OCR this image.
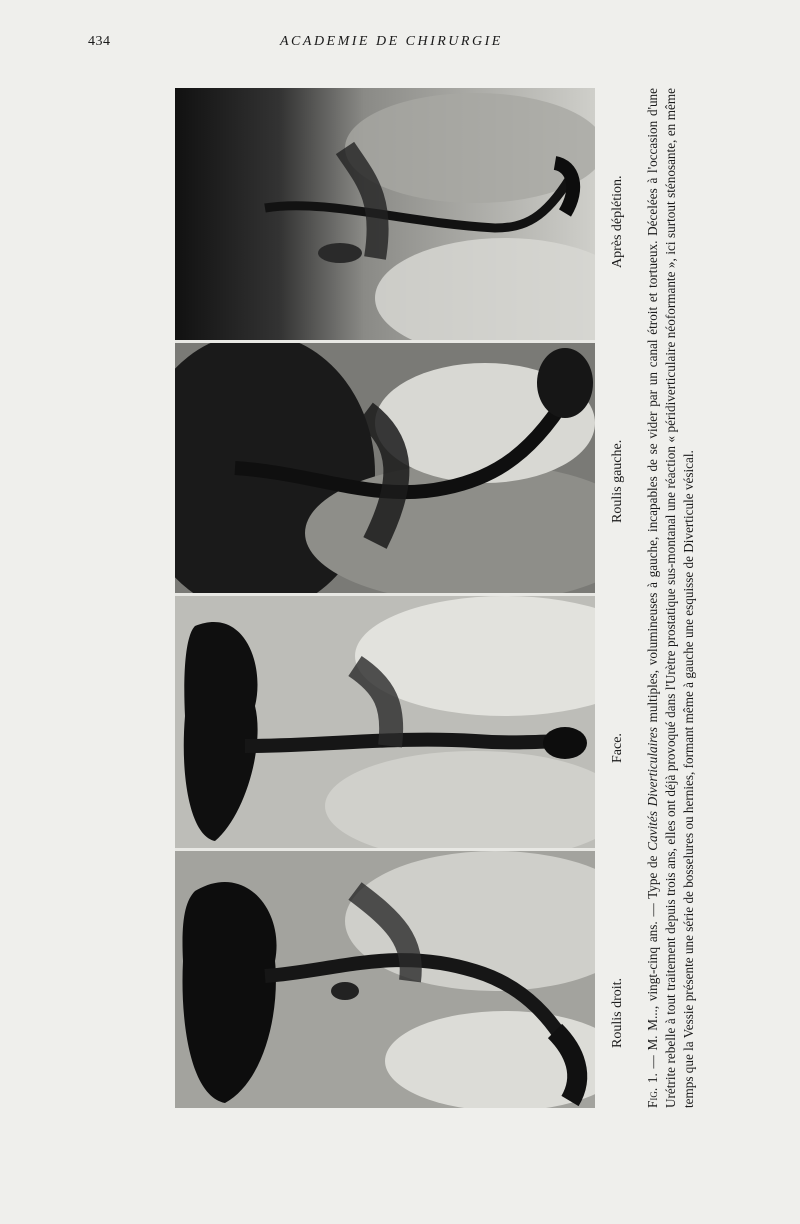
434	ACADEMIE DE CHIRURGIE
Roulis droit.
Face.
Roulis gauche.
Après déplétion.
Fig. 1. — M. M..., vingt-cinq ans. — Type de Cavités Diverticulaires multiples, volumineuses à gauche, incapables de se vider par un canal étroit et tortueux. Décelées à l'occasion d'une Urétrite rebelle à tout traitement depuis trois ans, elles ont déjà provoqué dans l'Urètre prostatique sus-montanal une réaction « péridiverticulaire néoformante », ici surtout sténosante, en même temps que la Vessie présente une série de bosselures ou hernies, formant même à gauche une esquisse de Diverticule vésical.
